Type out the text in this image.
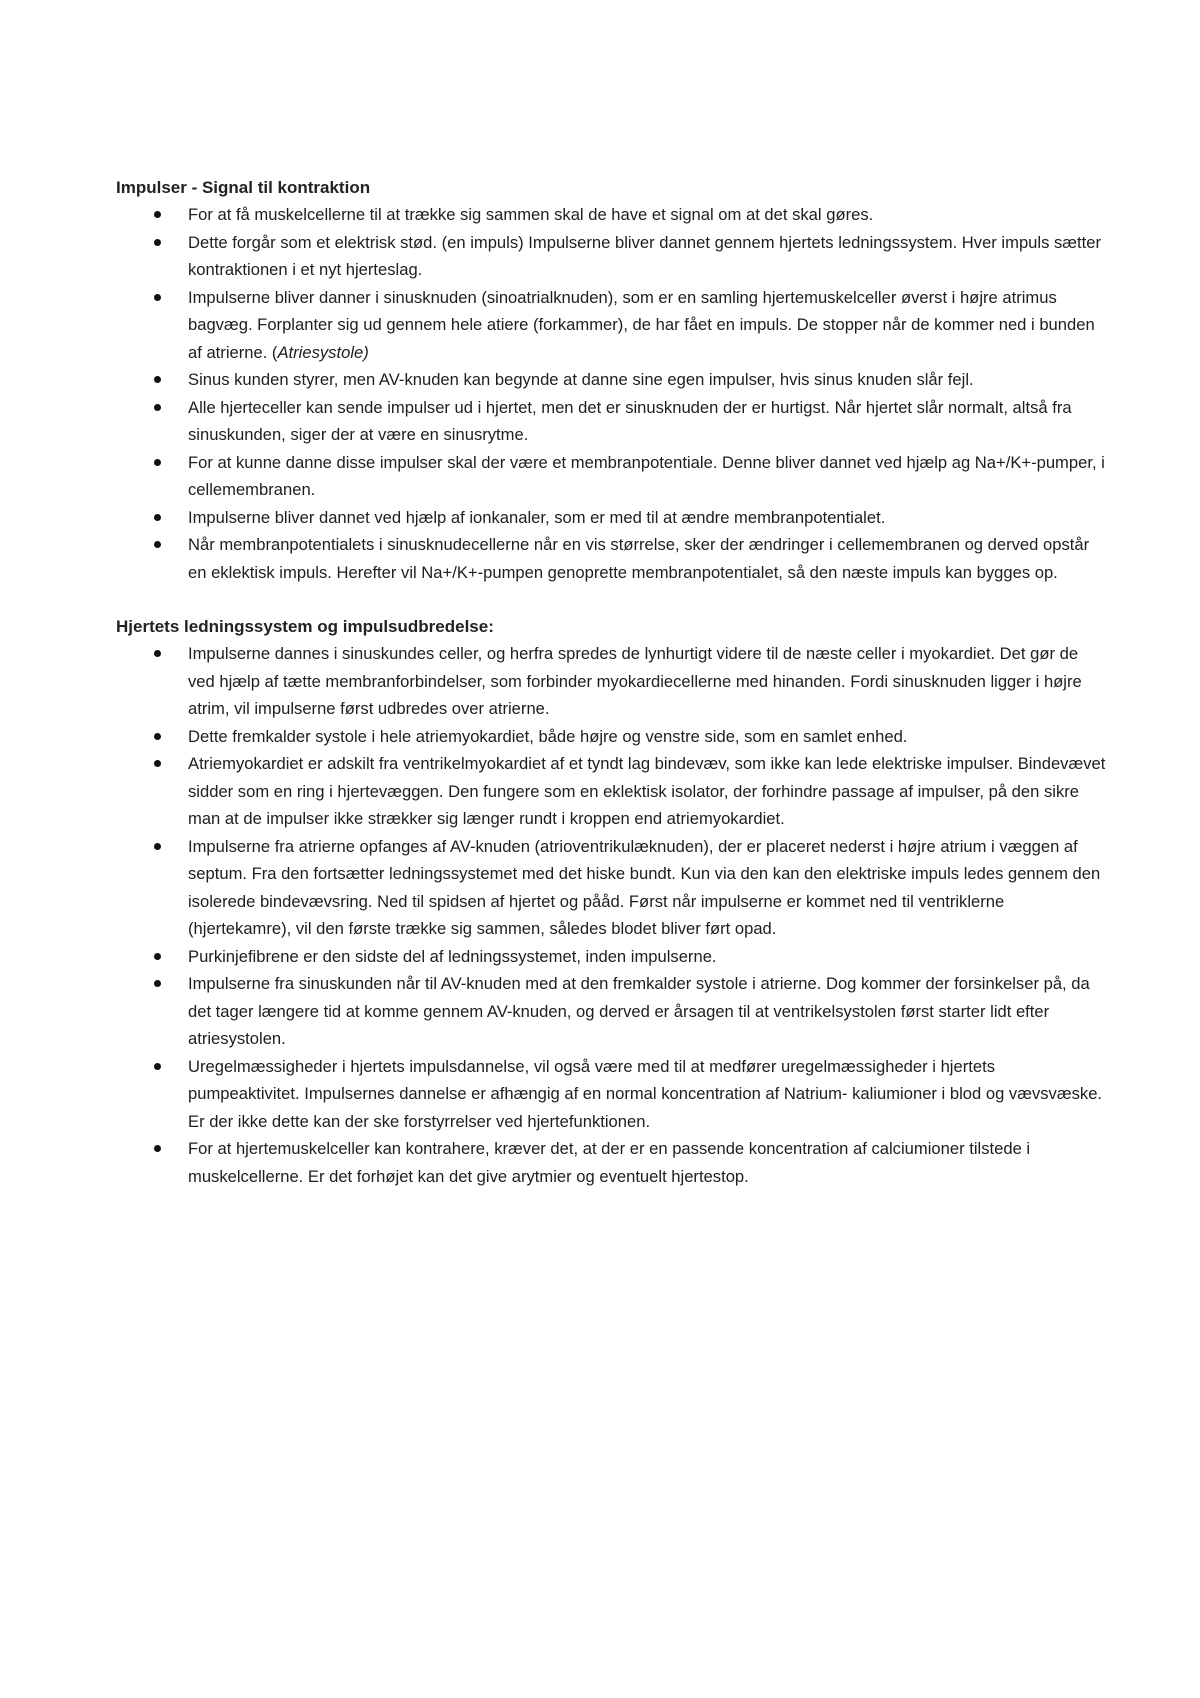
Impulser - Signal til kontraktion
For at få muskelcellerne til at trække sig sammen skal de have et signal om at det skal gøres.
Dette forgår som et elektrisk stød. (en impuls) Impulserne bliver dannet gennem hjertets ledningssystem. Hver impuls sætter kontraktionen i et nyt hjerteslag.
Impulserne bliver danner i sinusknuden (sinoatrialknuden), som er en samling hjertemuskelceller øverst i højre atrimus bagvæg. Forplanter sig ud gennem hele atiere (forkammer), de har fået en impuls. De stopper når de kommer ned i bunden af atrierne. (Atriesystole)
Sinus kunden styrer, men AV-knuden kan begynde at danne sine egen impulser, hvis sinus knuden slår fejl.
Alle hjerteceller kan sende impulser ud i hjertet, men det er sinusknuden der er hurtigst. Når hjertet slår normalt, altså fra sinuskunden, siger der at være en sinusrytme.
For at kunne danne disse impulser skal der være et membranpotentiale. Denne bliver dannet ved hjælp ag Na+/K+-pumper, i cellemembranen.
Impulserne bliver dannet ved hjælp af ionkanaler, som er med til at ændre membranpotentialet.
Når membranpotentialets i sinusknudecellerne når en vis størrelse, sker der ændringer i cellemembranen og derved opstår en eklektisk impuls. Herefter vil Na+/K+-pumpen genoprette membranpotentialet, så den næste impuls kan bygges op.
Hjertets ledningssystem og impulsudbredelse:
Impulserne dannes i sinuskundes celler, og herfra spredes de lynhurtigt videre til de næste celler i myokardiet. Det gør de ved hjælp af tætte membranforbindelser, som forbinder myokardiecellerne med hinanden. Fordi sinusknuden ligger i højre atrim, vil impulserne først udbredes over atrierne.
Dette fremkalder systole i hele atriemyokardiet, både højre og venstre side, som en samlet enhed.
Atriemyokardiet er adskilt fra ventrikelmyokardiet af et tyndt lag bindevæv, som ikke kan lede elektriske impulser. Bindevævet sidder som en ring i hjertevæggen. Den fungere som en eklektisk isolator, der forhindre passage af impulser, på den sikre man at de impulser ikke strækker sig længer rundt i kroppen end atriemyokardiet.
Impulserne fra atrierne opfanges af AV-knuden (atrioventrikulæknuden), der er placeret nederst i højre atrium i væggen af septum. Fra den fortsætter ledningssystemet med det hiske bundt. Kun via den kan den elektriske impuls ledes gennem den isolerede bindevævsring. Ned til spidsen af hjertet og pååd. Først når impulserne er kommet ned til ventriklerne (hjertekamre), vil den første trække sig sammen, således blodet bliver ført opad.
Purkinjefibrene er den sidste del af ledningssystemet, inden impulserne.
Impulserne fra sinuskunden når til AV-knuden med at den fremkalder systole i atrierne. Dog kommer der forsinkelser på, da det tager længere tid at komme gennem AV-knuden, og derved er årsagen til at ventrikelsystolen først starter lidt efter atriesystolen.
Uregelmæssigheder i hjertets impulsdannelse, vil også være med til at medfører uregelmæssigheder i hjertets pumpeaktivitet. Impulsernes dannelse er afhængig af en normal koncentration af Natrium- kaliumioner i blod og vævsvæske. Er der ikke dette kan der ske forstyrrelser ved hjertefunktionen.
For at hjertemuskelceller kan kontrahere, kræver det, at der er en passende koncentration af calciumioner tilstede i muskelcellerne. Er det forhøjet kan det give arytmier og eventuelt hjertestop.
